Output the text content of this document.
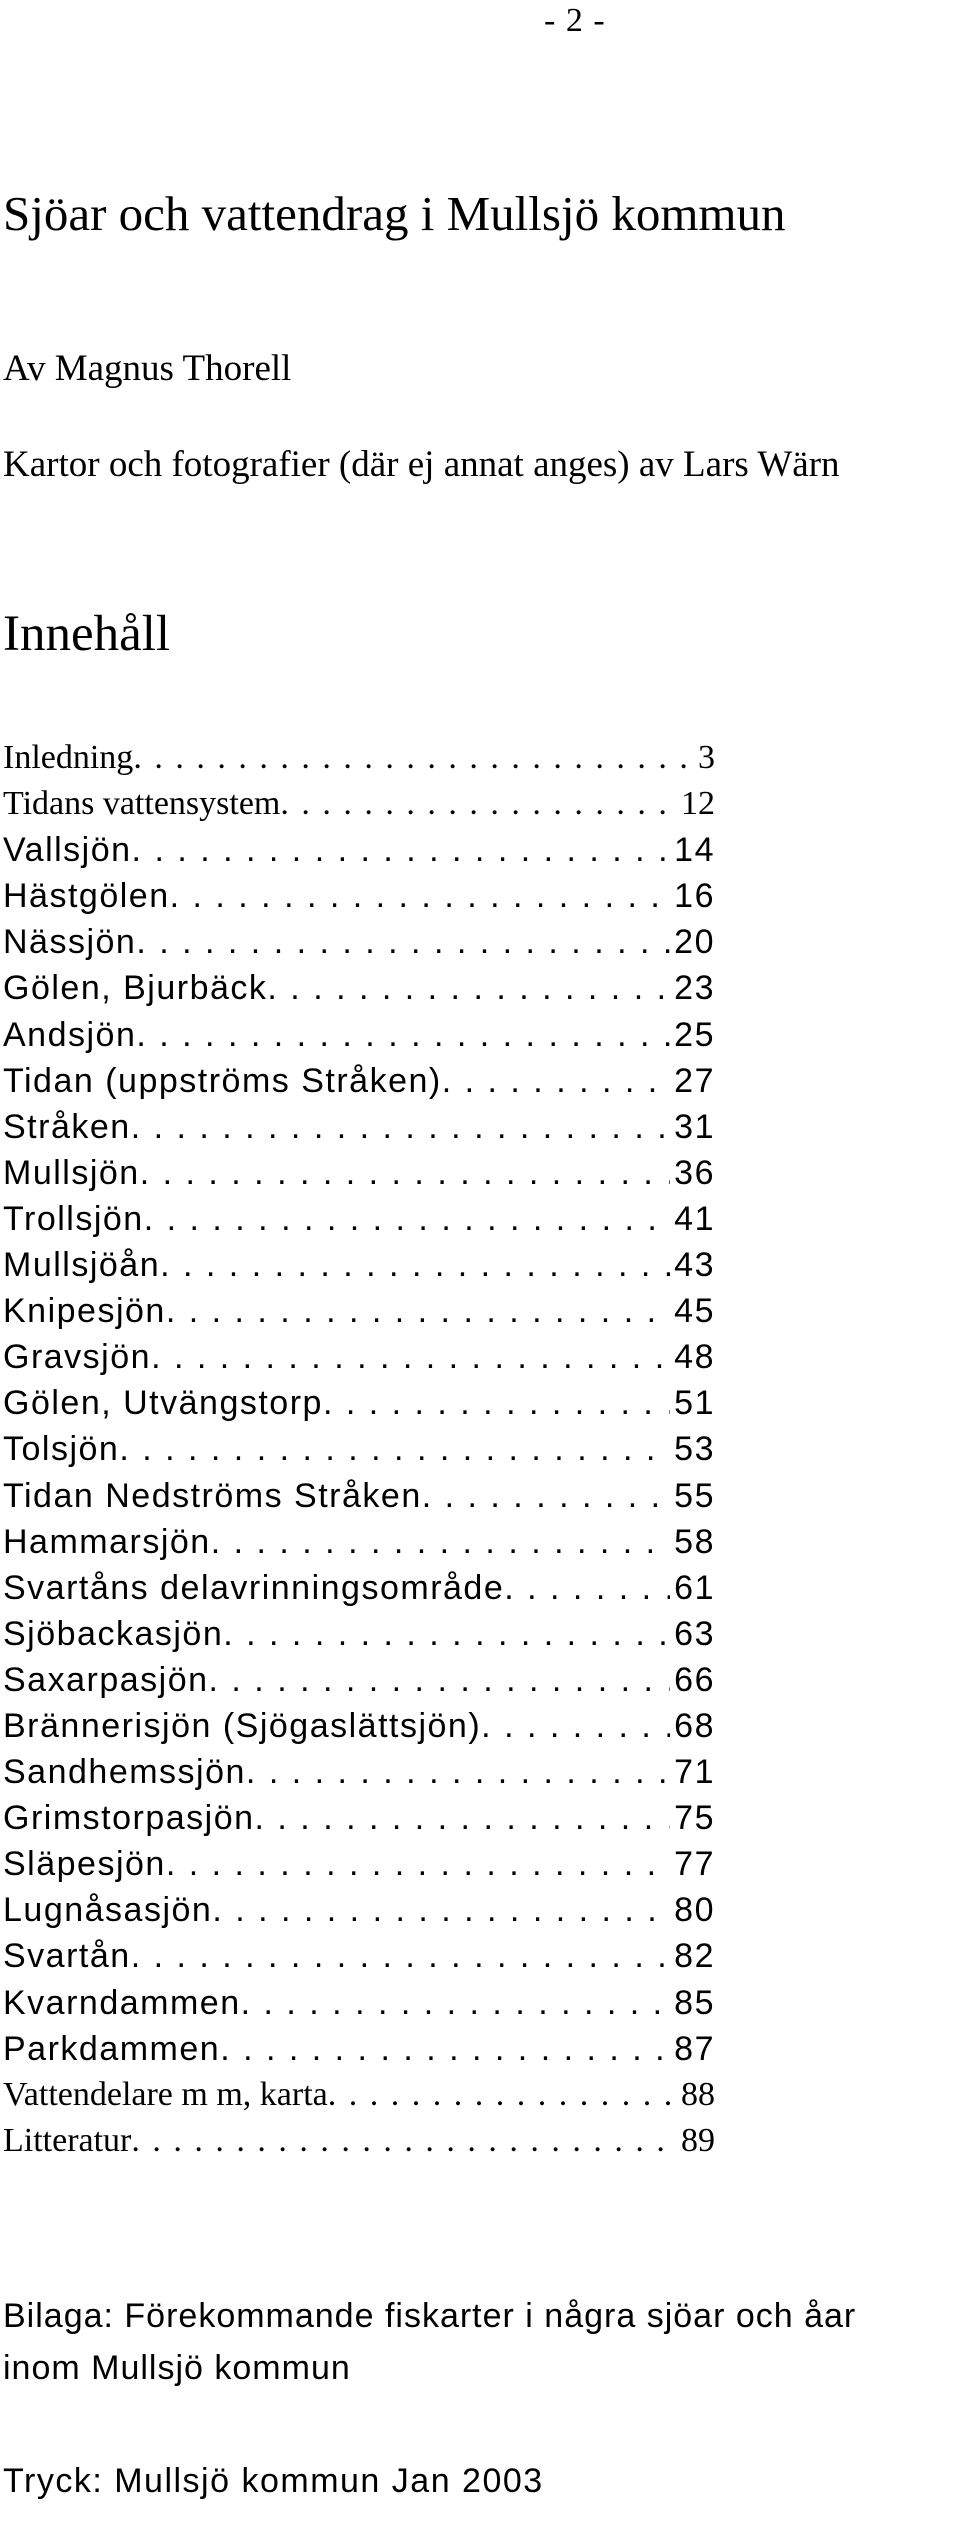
- 2 -
Sjöar och vattendrag i Mullsjö kommun
Av Magnus Thorell
Kartor och fotografier (där ej annat anges) av Lars Wärn
Innehåll
Inledning . . .	3
Tidans vattensystem . . .	12
Vallsjön . . .	14
Hästgölen . . .	16
Nässjön . . .	20
Gölen, Bjurbäck . . .	23
Andsjön . . .	25
Tidan (uppströms Stråken) . . .	27
Stråken . . .	31
Mullsjön . . .	36
Trollsjön . . .	41
Mullsjöån . . .	43
Knipesjön . . .	45
Gravsjön . . .	48
Gölen, Utvängstorp . . .	51
Tolsjön . . .	53
Tidan Nedströms Stråken . . .	55
Hammarsjön . . .	58
Svartåns delavrinningsområde . . .	61
Sjöbackasjön . . .	63
Saxarpasjön . . .	66
Brännerisjön (Sjögaslättsjön) . . .	68
Sandhemssjön . . .	71
Grimstorpasjön . . .	75
Släpesjön . . .	77
Lugnåsasjön . . .	80
Svartån . . .	82
Kvarndammen . . .	85
Parkdammen . . .	87
Vattendelare m m, karta . . .	88
Litteratur . . .	89
Bilaga: Förekommande fiskarter i några sjöar och åar inom Mullsjö kommun
Tryck: Mullsjö kommun Jan 2003
